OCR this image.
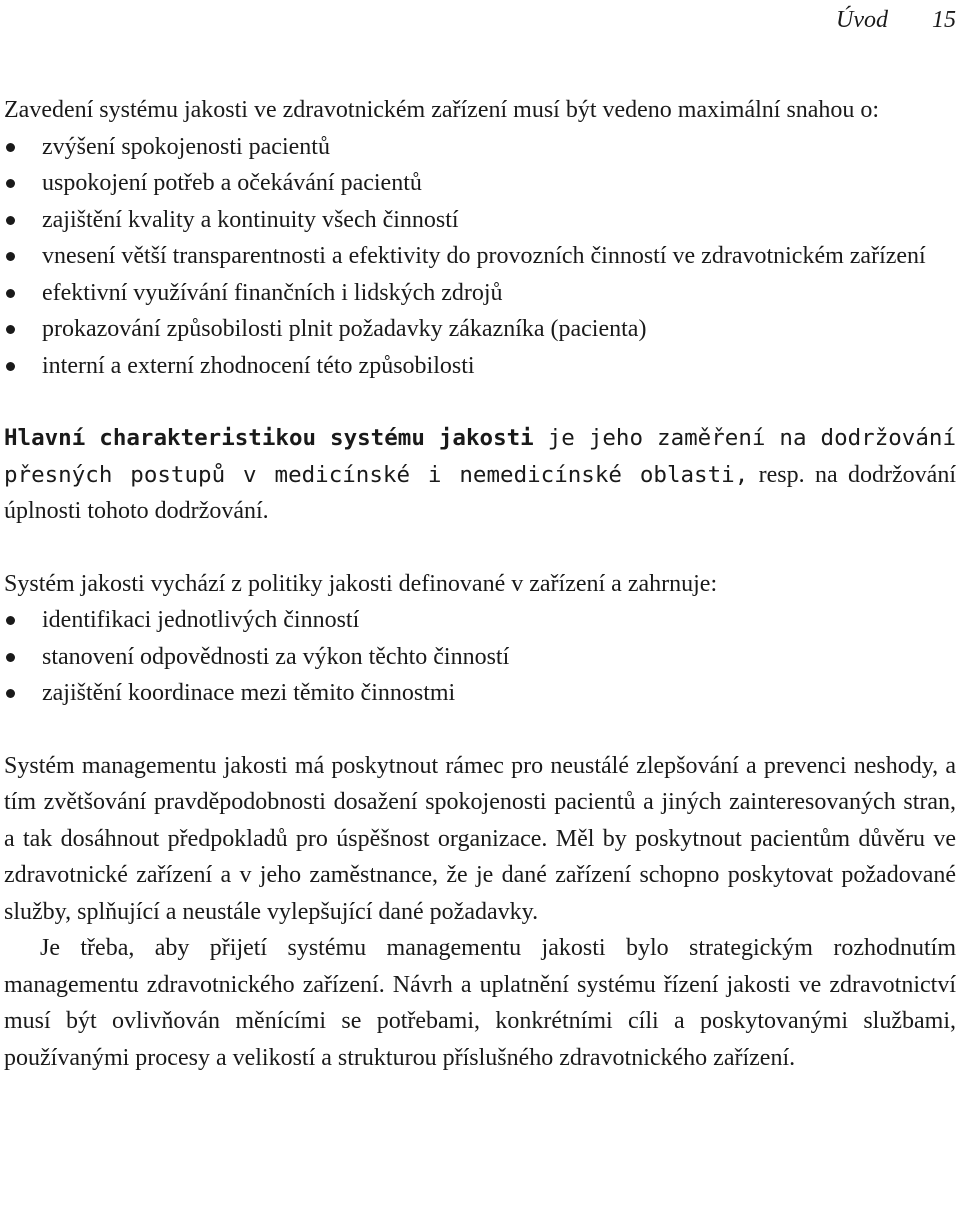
Úvod 15

Zavedení systému jakosti ve zdravotnickém zařízení musí být vedeno maximální snahou o:

zvýšení spokojenosti pacientů
uspokojení potřeb a očekávání pacientů
zajištění kvality a kontinuity všech činností
vnesení větší transparentnosti a efektivity do provozních činností ve zdravotnickém zařízení
efektivní využívání finančních i lidských zdrojů
prokazování způsobilosti plnit požadavky zákazníka (pacienta)
interní a externí zhodnocení této způsobilosti

Hlavní charakteristikou systému jakosti je jeho zaměření na dodržování přesných postupů v medicínské i nemedicínské oblasti, resp. na dodržování úplnosti tohoto dodržování.

Systém jakosti vychází z politiky jakosti definované v zařízení a zahrnuje:

identifikaci jednotlivých činností
stanovení odpovědnosti za výkon těchto činností
zajištění koordinace mezi těmito činnostmi

Systém managementu jakosti má poskytnout rámec pro neustálé zlepšování a prevenci neshody, a tím zvětšování pravděpodobnosti dosažení spokojenosti pacientů a jiných zainteresovaných stran, a tak dosáhnout předpokladů pro úspěšnost organizace. Měl by poskytnout pacientům důvěru ve zdravotnické zařízení a v jeho zaměstnance, že je dané zařízení schopno poskytovat požadované služby, splňující a neustále vylepšující dané požadavky.

Je třeba, aby přijetí systému managementu jakosti bylo strategickým rozhodnutím managementu zdravotnického zařízení. Návrh a uplatnění systému řízení jakosti ve zdravotnictví musí být ovlivňován měnícími se potřebami, konkrétními cíli a poskytovanými službami, používanými procesy a velikostí a strukturou příslušného zdravotnického zařízení.
